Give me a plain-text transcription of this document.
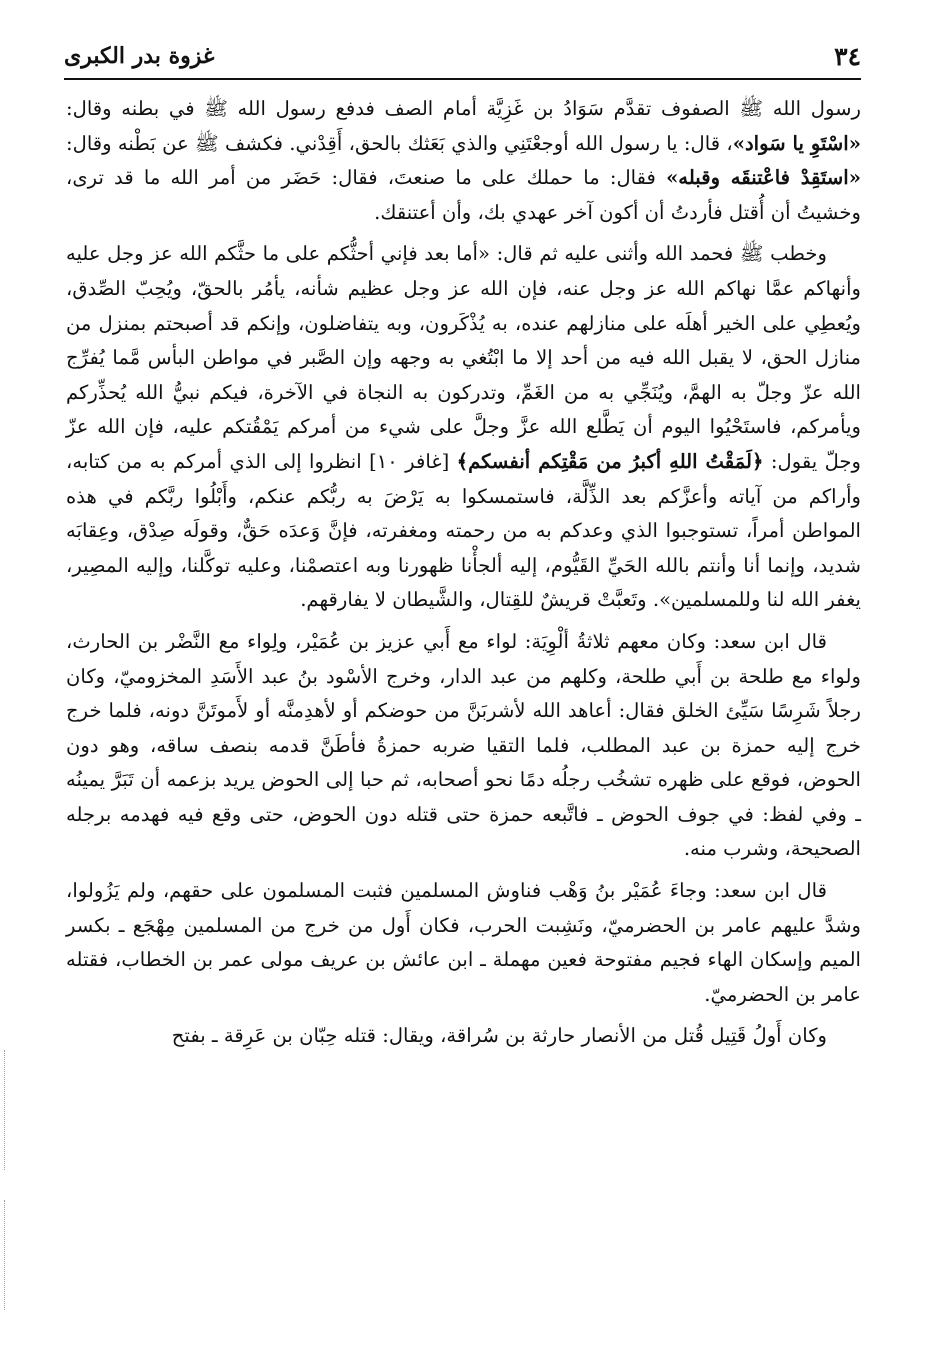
٣٤
غزوة بدر الكبرى

رسول الله ﷺ الصفوف تقدَّم سَوَادُ بن غَزِيَّة أمام الصف فدفع رسول الله ﷺ في بطنه وقال: «اسْتَوِ يا سَواد»، قال: يا رسول الله أوجعْتَنِي والذي بَعَثك بالحق، أَقِدْني. فكشف ﷺ عن بَطْنه وقال: «استَقِدْ فاعْتنقَه وقبله» فقال: ما حملك على ما صنعتَ، فقال: حَضَر من أمر الله ما قد ترى، وخشيتُ أن أُقتل فأردتُ أن أكون آخر عهدي بك، وأن أعتنقك.

وخطب ﷺ فحمد الله وأثنى عليه ثم قال: «أما بعد فإني أحثُّكم على ما حثَّكم الله عز وجل عليه وأنهاكم عمَّا نهاكم الله عز وجل عنه، فإن الله عز وجل عظيم شأنه، يأمُر بالحقّ، ويُحِبّ الصِّدق، ويُعطِي على الخير أهلَه على منازلهم عنده، به يُذْكَرون، وبه يتفاضلون، وإنكم قد أصبحتم بمنزل من منازل الحق، لا يقبل الله فيه من أحد إلا ما ابْتُغي به وجهه وإن الصَّبر في مواطن البأس مَّما يُفرِّج الله عزّ وجلّ به الهمَّ، ويُنَجِّي به من الغَمِّ، وتدركون به النجاة في الآخرة، فيكم نبيُّ الله يُحذِّركم ويأمركم، فاستَحْيُوا اليوم أن يَطَّلع الله عزَّ وجلَّ على شيء من أمركم يَمْقُتكم عليه، فإن الله عزّ وجلّ يقول: ﴿لَمَقْتُ اللهِ أكبرُ من مَقْتِكم أنفسكم﴾ [غافر ١٠] انظروا إلى الذي أمركم به من كتابه، وأراكم من آياته وأعزَّكم بعد الذِّلَّة، فاستمسكوا به يَرْضَ به ربُّكم عنكم، وأَبْلُوا ربَّكم في هذه المواطن أمراً، تستوجبوا الذي وعدكم به من رحمته ومغفرته، فإنَّ وَعدَه حَقٌّ، وقولَه صِدْق، وعِقابَه شديد، وإنما أنا وأنتم بالله الحَيِّ القَيُّوم، إليه ألجأْنا ظهورنا وبه اعتصمْنا، وعليه توكَّلنا، وإليه المصِير، يغفر الله لنا وللمسلمين». وتَعبَّتْ قريشٌ للقِتال، والشَّيطان لا يفارقهم.

قال ابن سعد: وكان معهم ثلاثةُ ألْوِيَة: لواء مع أَبي عزيز بن عُمَيْر، ولِواء مع النَّضْر بن الحارث، ولواء مع طلحة بن أَبي طلحة، وكلهم من عبد الدار، وخرج الأسْود بنُ عبد الأَسَدِ المخزوميّ، وكان رجلاً شَرِسًا سَيِّئ الخلق فقال: أعاهد الله لأشربَنَّ من حوضكم أو لأهدِمنَّه أو لأَموتَنَّ دونه، فلما خرج خرج إليه حمزة بن عبد المطلب، فلما التقيا ضربه حمزةُ فأطَنَّ قدمه بنصف ساقه، وهو دون الحوض، فوقع على ظهره تشخُب رجلُه دمًا نحو أصحابه، ثم حبا إلى الحوض يريد بزعمه أن تَبَرَّ يمينُه ـ وفي لفظ: في جوف الحوض ـ فاتَّبعه حمزة حتى قتله دون الحوض، حتى وقع فيه فهدمه برجله الصحيحة، وشرب منه.

قال ابن سعد: وجاءَ عُمَيْر بنُ وَهْب فناوش المسلمين فثبت المسلمون على حقهم، ولم يَزُولوا، وشدَّ عليهم عامر بن الحضرميّ، ونَشِبت الحرب، فكان أَول من خرج من المسلمين مِهْجَع ـ بكسر الميم وإسكان الهاء فجيم مفتوحة فعين مهملة ـ ابن عائش بن عريف مولى عمر بن الخطاب، فقتله عامر بن الحضرميّ.

وكان أَولُ قَتِيل قُتل من الأنصار حارثة بن سُراقة، ويقال: قتله حِبّان بن عَرِقة ـ بفتح
